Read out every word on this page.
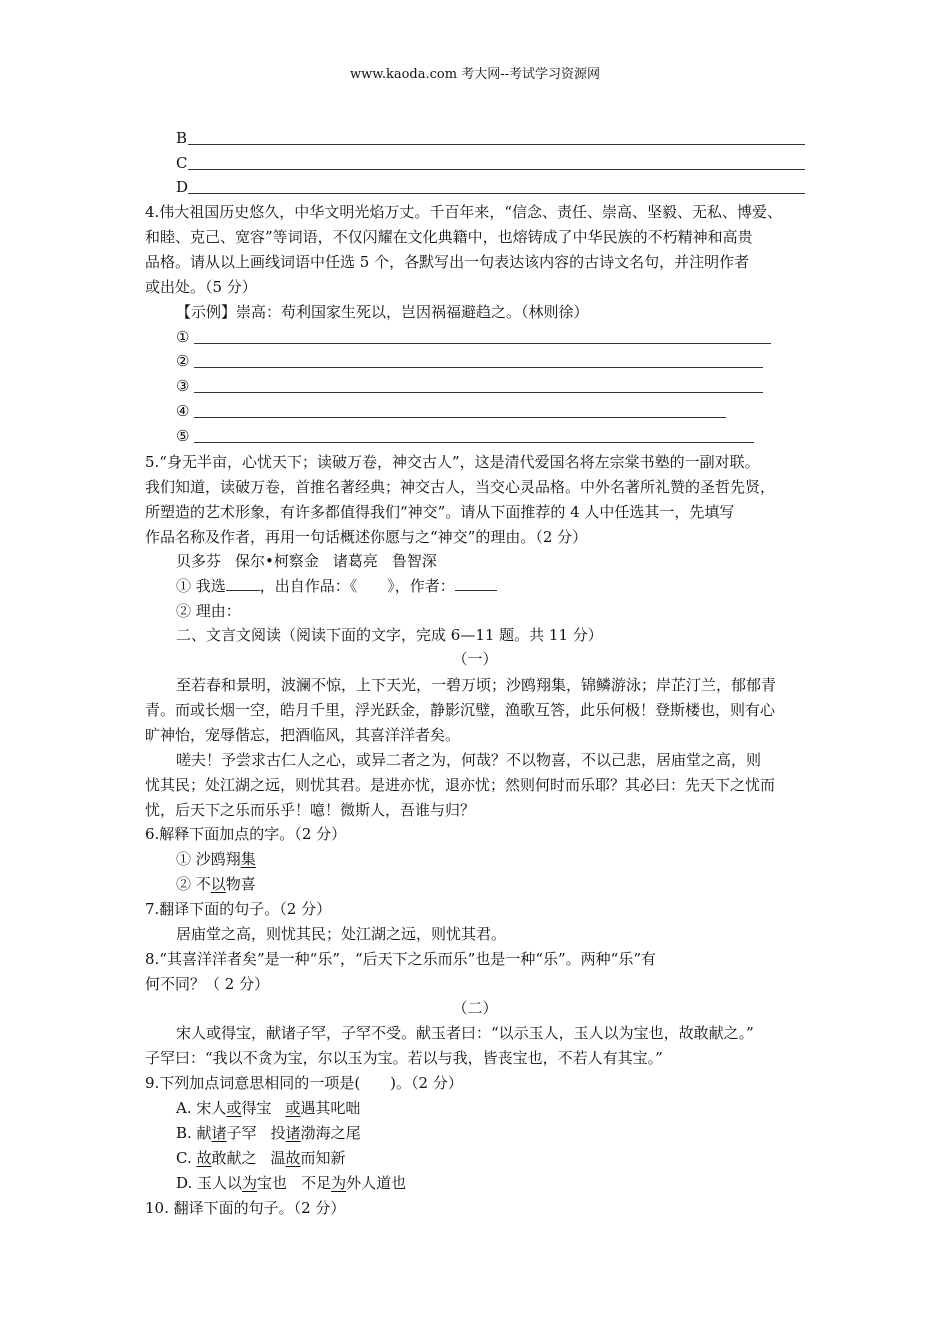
www.kaoda.com 考大网--考试学习资源网
B
C
D
4.伟大祖国历史悠久，中华文明光焰万丈。千百年来，“信念、责任、崇高、坚毅、无私、博爱、
和睦、克己、宽容”等词语，不仅闪耀在文化典籍中，也熔铸成了中华民族的不朽精神和高贵
品格。请从以上画线词语中任选 5 个，各默写出一句表达该内容的古诗文名句，并注明作者
或出处。（5 分）
【示例】崇高：苟利国家生死以，岂因祸福避趋之。（林则徐）
①
②
③
④
⑤
5.“身无半亩，心忧天下；读破万卷，神交古人”，这是清代爱国名将左宗棠书塾的一副对联。
我们知道，读破万卷，首推名著经典；神交古人，当交心灵品格。中外名著所礼赞的圣哲先贤，
所塑造的艺术形象，有许多都值得我们“神交”。请从下面推荐的 4 人中任选其一，先填写
作品名称及作者，再用一句话概述你愿与之“神交”的理由。（2 分）
贝多芬 保尔•柯察金 诸葛亮 鲁智深
① 我选 ，出自作品：《 》，作者：
② 理由：
二、文言文阅读（阅读下面的文字，完成 6—11 题。共 11 分）
（一）
至若春和景明，波澜不惊，上下天光，一碧万顷；沙鸥翔集，锦鳞游泳；岸芷汀兰，郁郁青
青。而或长烟一空，皓月千里，浮光跃金，静影沉璧，渔歌互答，此乐何极！登斯楼也，则有心
旷神怡，宠辱偕忘，把酒临风，其喜洋洋者矣。
嗟夫！予尝求古仁人之心，或异二者之为，何哉？不以物喜，不以己悲，居庙堂之高，则
忧其民；处江湖之远，则忧其君。是进亦忧，退亦忧；然则何时而乐耶？其必曰：先天下之忧而
忧，后天下之乐而乐乎！噫！微斯人，吾谁与归？
6.解释下面加点的字。（2 分）
① 沙鸥翔集
② 不以物喜
7.翻译下面的句子。（2 分）
居庙堂之高，则忧其民；处江湖之远，则忧其君。
8.“其喜洋洋者矣”是一种“乐”，“后天下之乐而乐”也是一种“乐”。两种“乐”有
何不同？（ 2 分）
（二）
宋人或得宝，献诸子罕，子罕不受。献玉者曰：“以示玉人，玉人以为宝也，故敢献之。”
子罕曰：“我以不贪为宝，尔以玉为宝。若以与我，皆丧宝也，不若人有其宝。”
9.下列加点词意思相同的一项是(　　)。（2 分）
A. 宋人或得宝 或遇其叱咄
B. 献诸子罕 投诸渤海之尾
C. 故敢献之 温故而知新
D. 玉人以为宝也 不足为外人道也
10. 翻译下面的句子。（2 分）
